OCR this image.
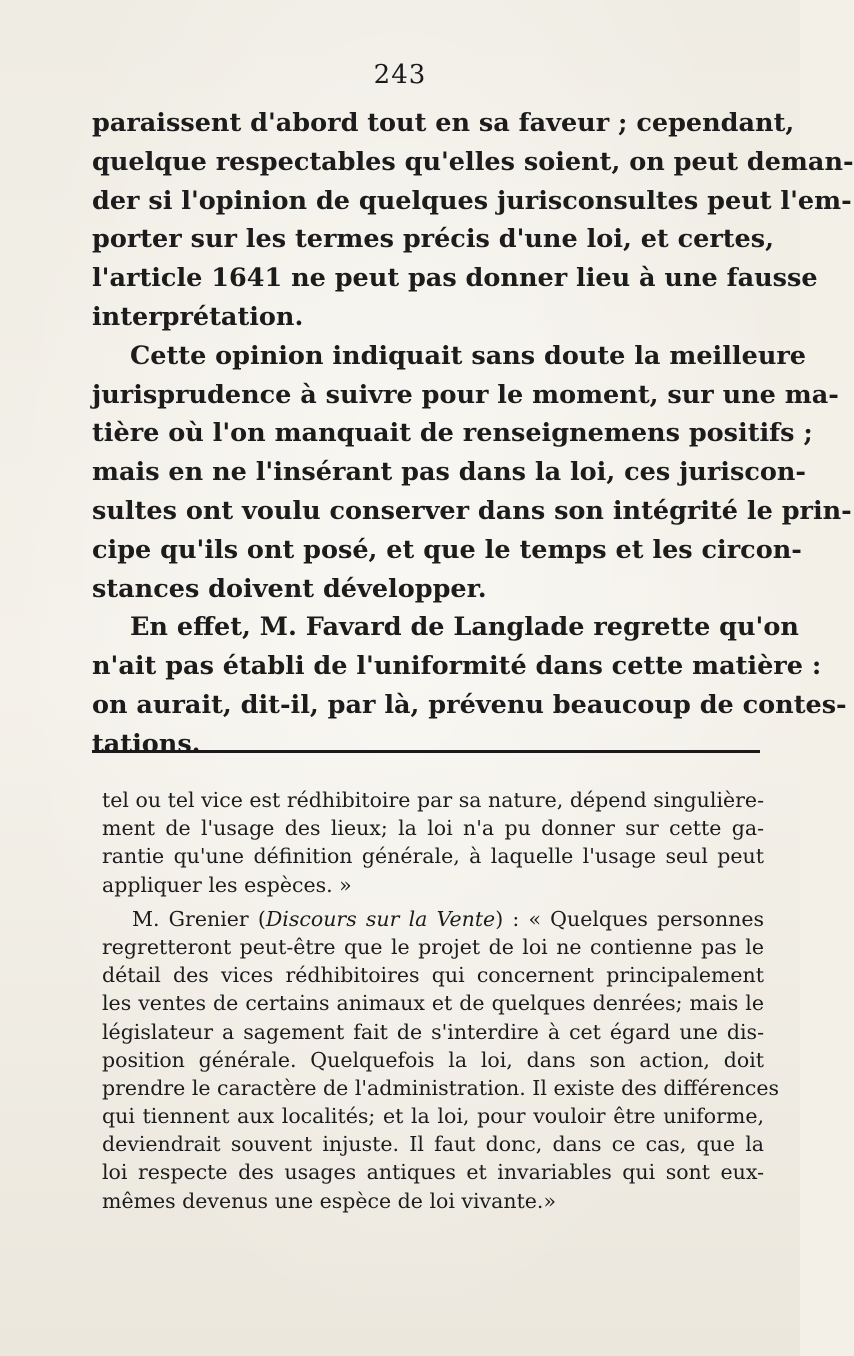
243
paraissent d'abord tout en sa faveur ; cependant,
quelque respectables qu'elles soient, on peut deman-
der si l'opinion de quelques jurisconsultes peut l'em-
porter sur les termes précis d'une loi, et certes,
l'article 1641 ne peut pas donner lieu à une fausse
interprétation.
Cette opinion indiquait sans doute la meilleure
jurisprudence à suivre pour le moment, sur une ma-
tière où l'on manquait de renseignemens positifs ;
mais en ne l'insérant pas dans la loi, ces juriscon-
sultes ont voulu conserver dans son intégrité le prin-
cipe qu'ils ont posé, et que le temps et les circon-
stances doivent développer.
En effet, M. Favard de Langlade regrette qu'on
n'ait pas établi de l'uniformité dans cette matière :
on aurait, dit-il, par là, prévenu beaucoup de contes-
tations.
tel ou tel vice est rédhibitoire par sa nature, dépend singulière-
ment de l'usage des lieux; la loi n'a pu donner sur cette ga-
rantie qu'une définition générale, à laquelle l'usage seul peut
appliquer les espèces. »
M. Grenier (Discours sur la Vente) : « Quelques personnes
regretteront peut-être que le projet de loi ne contienne pas le
détail des vices rédhibitoires qui concernent principalement
les ventes de certains animaux et de quelques denrées; mais le
législateur a sagement fait de s'interdire à cet égard une dis-
position générale. Quelquefois la loi, dans son action, doit
prendre le caractère de l'administration. Il existe des différences
qui tiennent aux localités; et la loi, pour vouloir être uniforme,
deviendrait souvent injuste. Il faut donc, dans ce cas, que la
loi respecte des usages antiques et invariables qui sont eux-
mêmes devenus une espèce de loi vivante.»
